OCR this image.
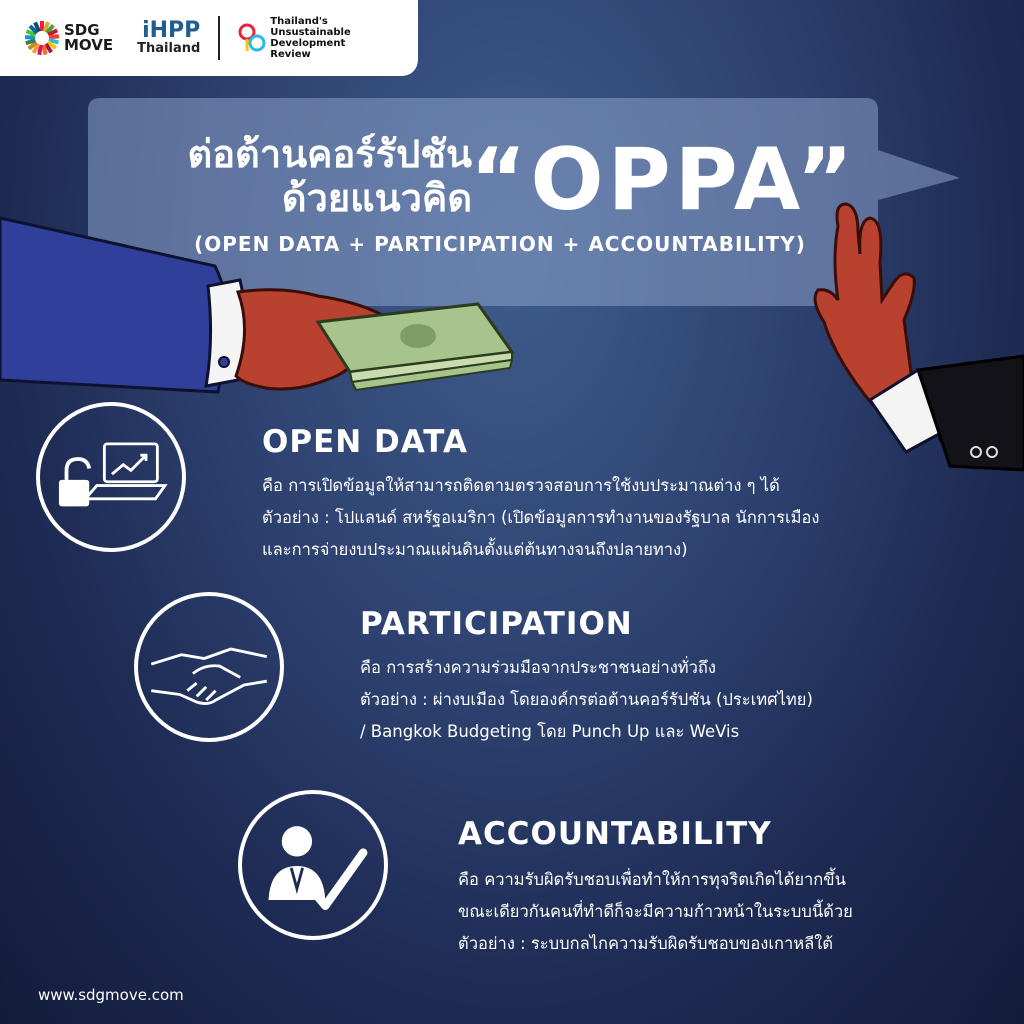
SDG
MOVE
iHPP
Thailand
Thailand's
Unsustainable
Development
Review
ต่อต้านคอร์รัปชัน
ด้วยแนวคิด
“OPPA”
(OPEN DATA + PARTICIPATION + ACCOUNTABILITY)
OPEN DATA
คือ การเปิดข้อมูลให้สามารถติดตามตรวจสอบการใช้งบประมาณต่าง ๆ ได้
ตัวอย่าง : โปแลนด์ สหรัฐอเมริกา (เปิดข้อมูลการทำงานของรัฐบาล นักการเมือง
และการจ่ายงบประมาณแผ่นดินตั้งแต่ต้นทางจนถึงปลายทาง)
PARTICIPATION
คือ การสร้างความร่วมมือจากประชาชนอย่างทั่วถึง
ตัวอย่าง : ผ่างบเมือง โดยองค์กรต่อต้านคอร์รัปชัน (ประเทศไทย)
/ Bangkok Budgeting โดย Punch Up และ WeVis
ACCOUNTABILITY
คือ ความรับผิดรับชอบเพื่อทำให้การทุจริตเกิดได้ยากขึ้น
ขณะเดียวกันคนที่ทำดีก็จะมีความก้าวหน้าในระบบนี้ด้วย
ตัวอย่าง : ระบบกลไกความรับผิดรับชอบของเกาหลีใต้
www.sdgmove.com
